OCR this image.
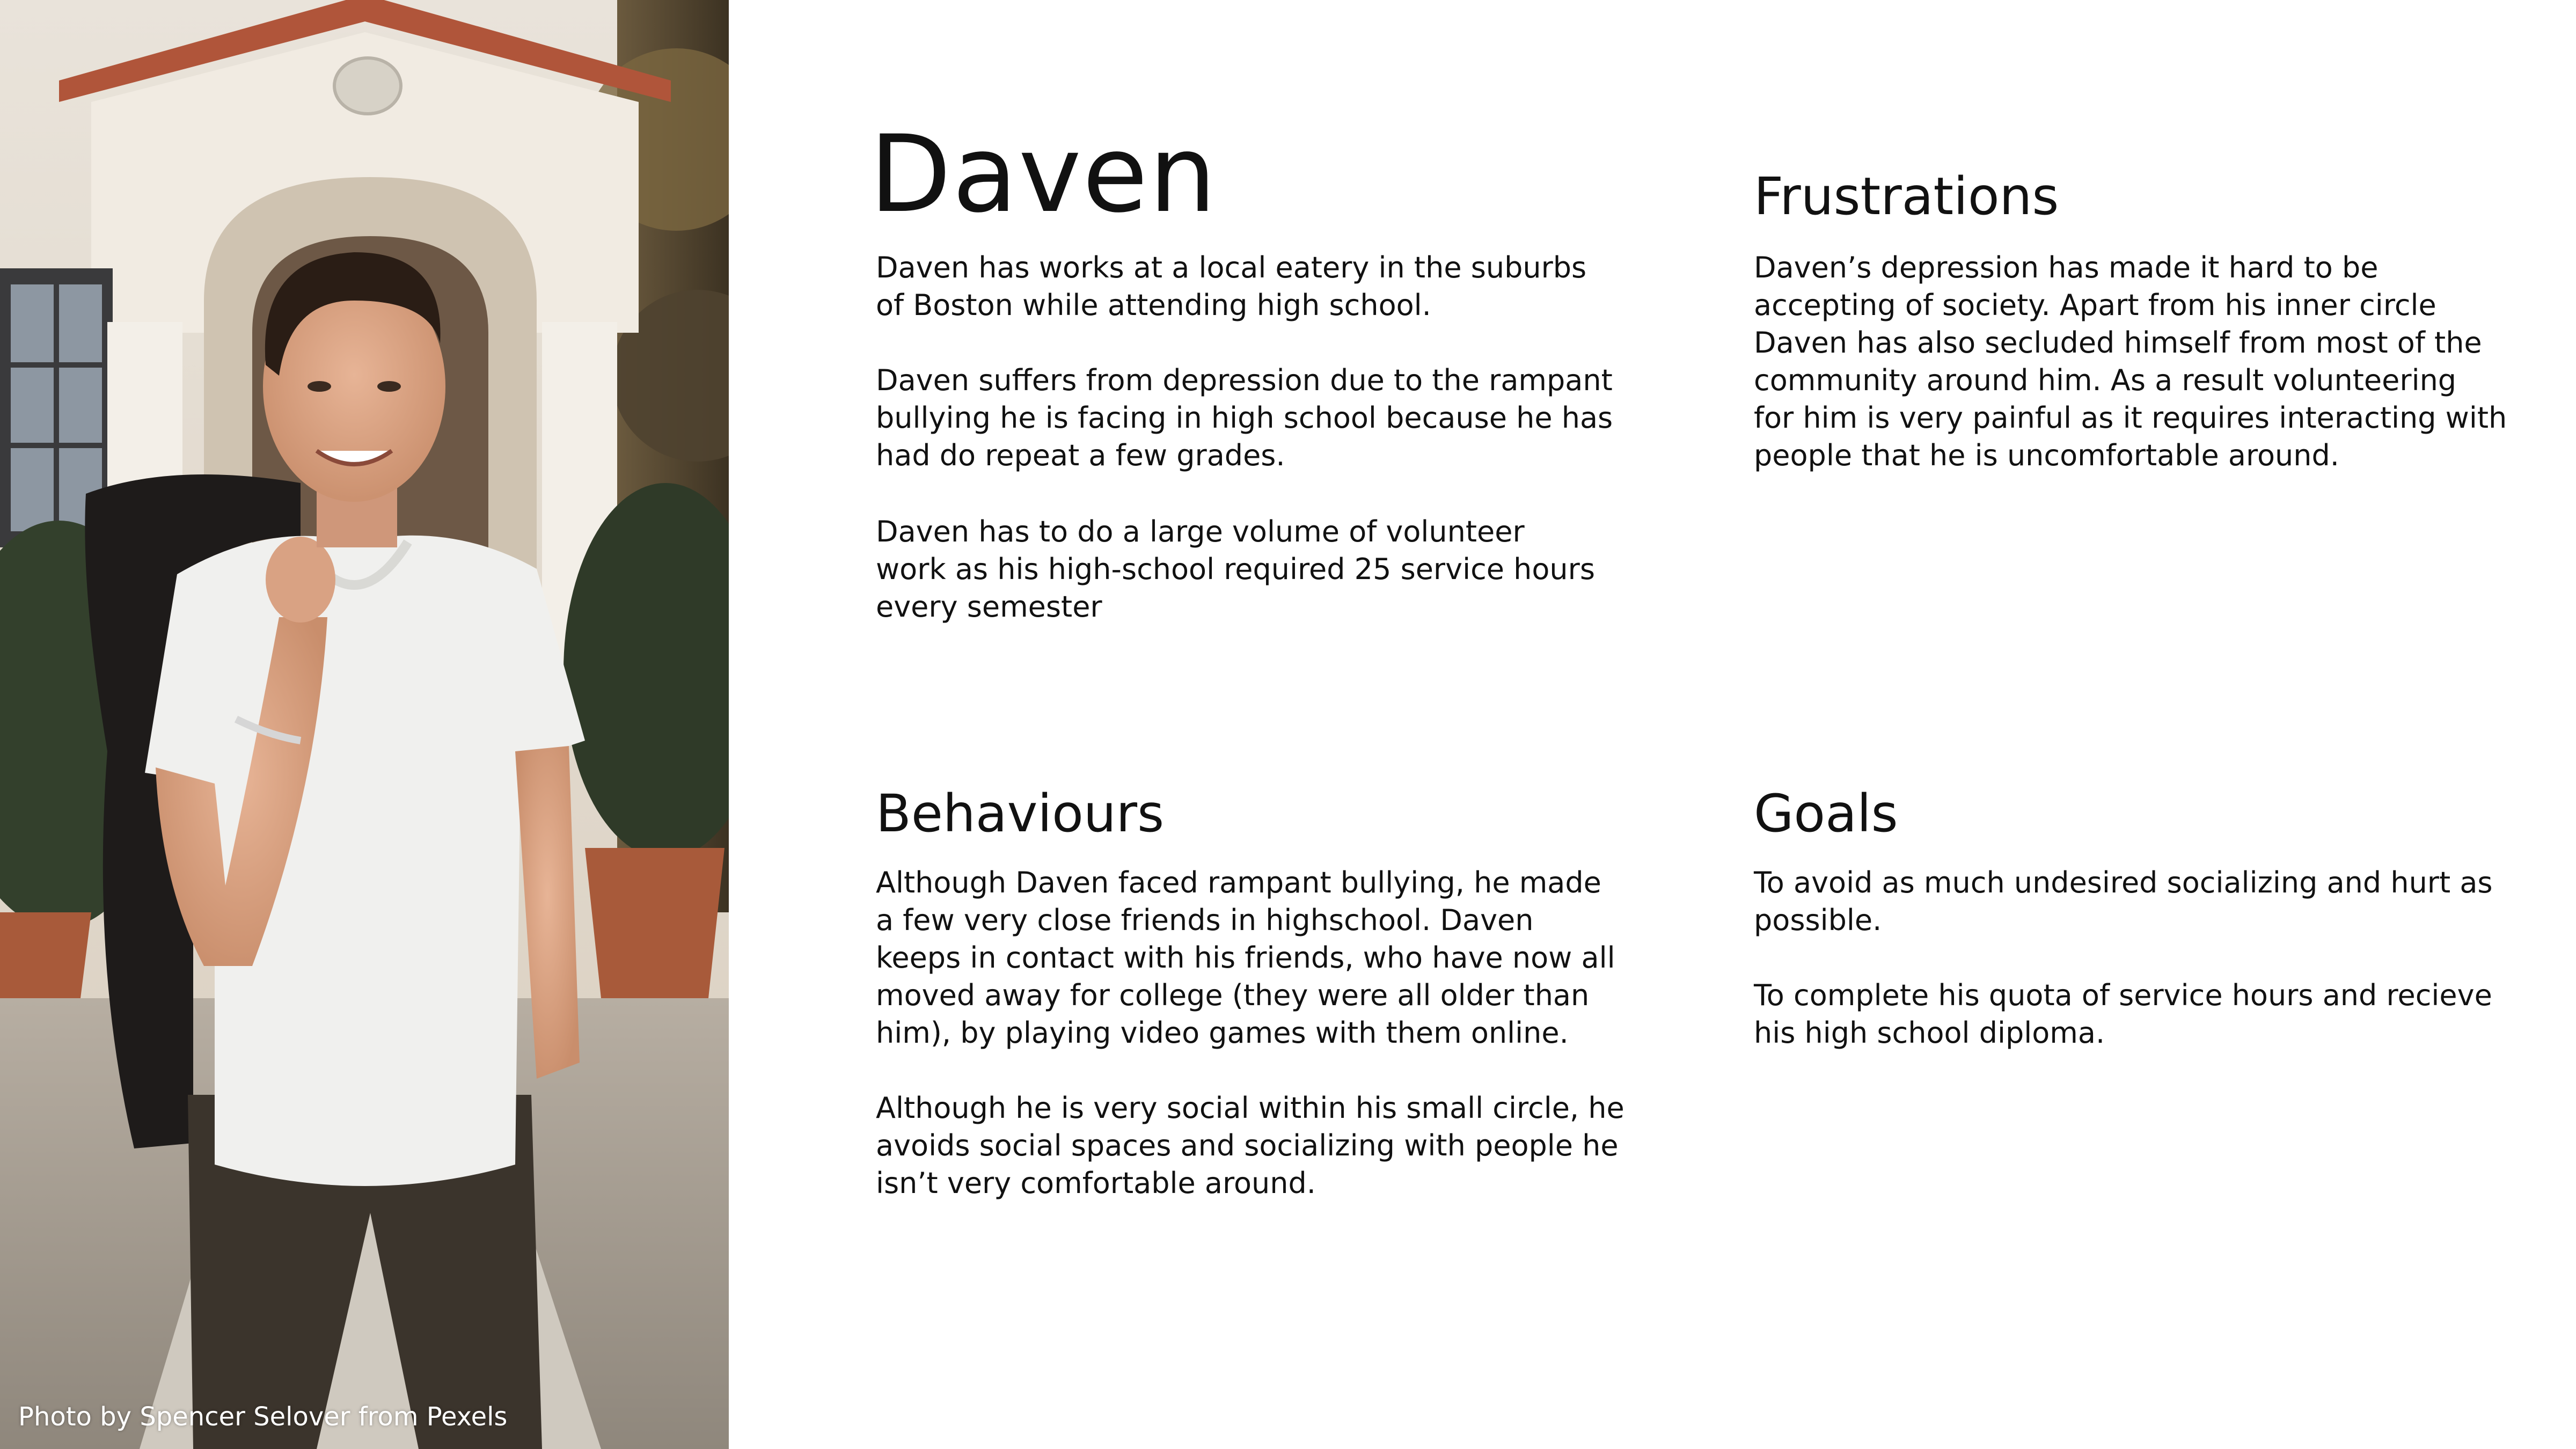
Photo by Spencer Selover from Pexels
Daven

Daven has works at a local eatery in the suburbs
of Boston while attending high school.

Daven suffers from depression due to the rampant
bullying he is facing in high school because he has
had do repeat a few grades.

Daven has to do a large volume of volunteer
work as his high-school required 25 service hours
every semester

Frustrations

Daven’s depression has made it hard to be
accepting of society. Apart from his inner circle
Daven has also secluded himself from most of the
community around him. As a result volunteering
for him is very painful as it requires interacting with
people that he is uncomfortable around.

Behaviours

Although Daven faced rampant bullying, he made
a few very close friends in highschool. Daven
keeps in contact with his friends, who have now all
moved away for college (they were all older than
him), by playing video games with them online.

Although he is very social within his small circle, he
avoids social spaces and socializing with people he
isn’t very comfortable around.

Goals

To avoid as much undesired socializing and hurt as
possible.

To complete his quota of service hours and recieve
his high school diploma.
